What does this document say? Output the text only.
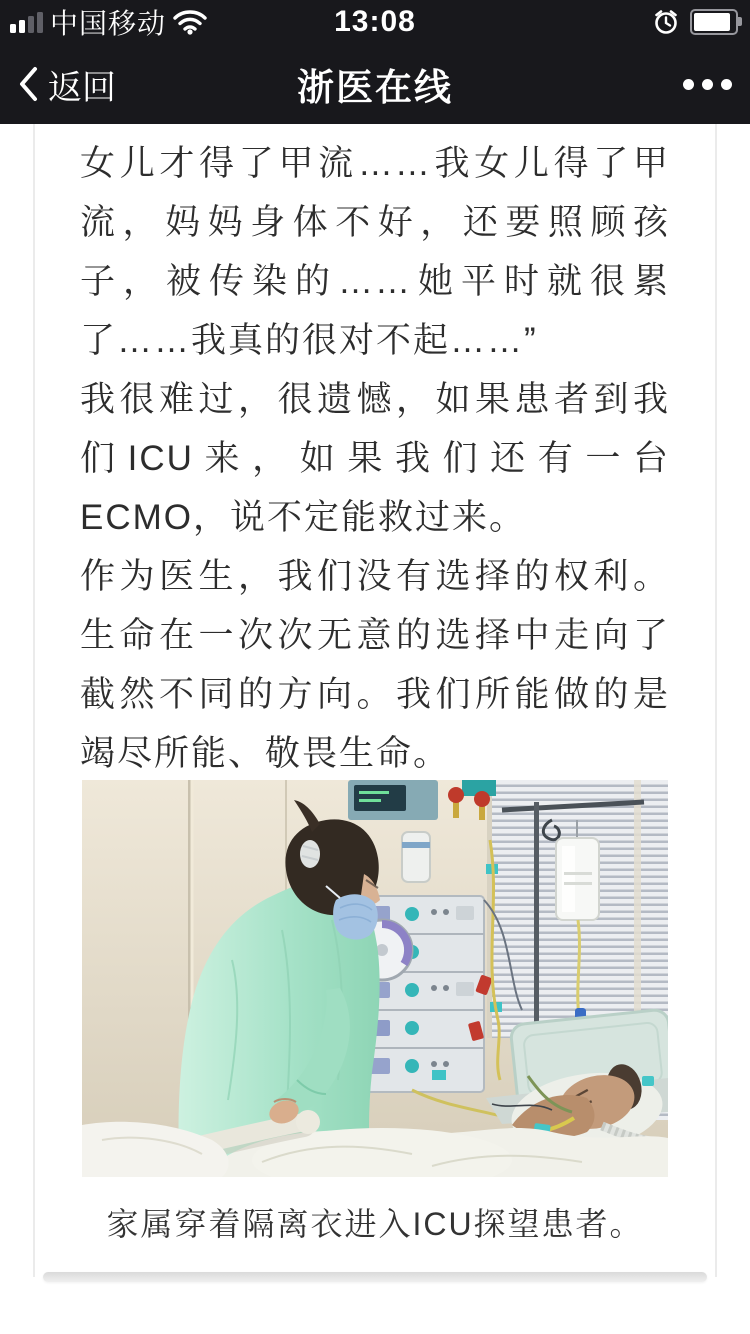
中国移动	13:08
返回	浙医在线
女儿才得了甲流……我女儿得了甲
流，妈妈身体不好，还要照顾孩
子，被传染的……她平时就很累
了……我真的很对不起……”
我很难过，很遗憾，如果患者到我
们ICU来，如果我们还有一台
ECMO，说不定能救过来。
作为医生，我们没有选择的权利。
生命在一次次无意的选择中走向了
截然不同的方向。我们所能做的是
竭尽所能、敬畏生命。
家属穿着隔离衣进入ICU探望患者。
